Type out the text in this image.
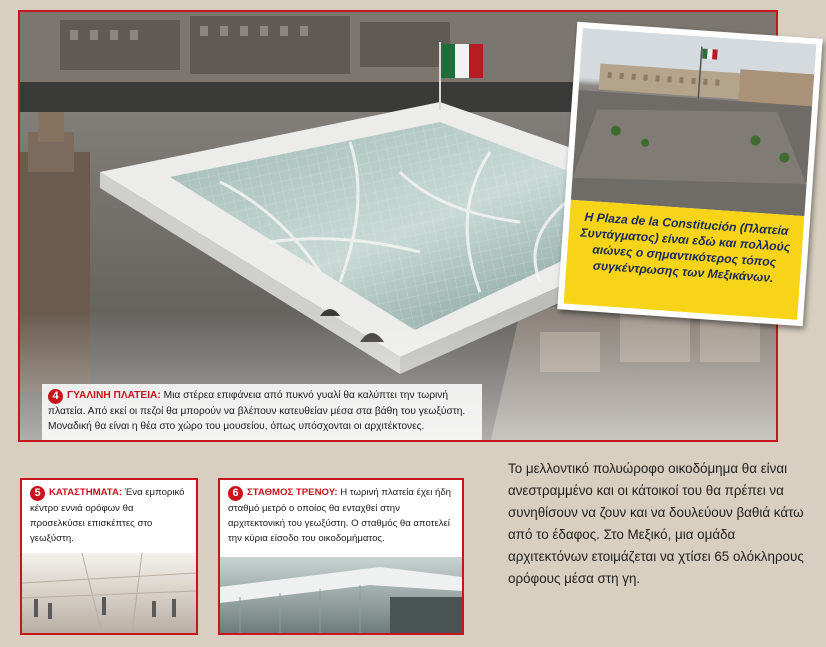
4 ΓΥΑΛΙΝΗ ΠΛΑΤΕΙΑ: Μια στέρεα επιφάνεια από πυκνό γυαλί θα καλύπτει την τωρινή πλατεία. Από εκεί οι πεζοί θα μπορούν να βλέπουν κατευθείαν μέσα στα βάθη του γεωξύστη. Μοναδική θα είναι η θέα στο χώρο του μουσείου, όπως υπόσχονται οι αρχιτέκτονες.
Η Plaza de la Constitución (Πλατεία Συντάγματος) είναι εδώ και πολλούς αιώνες ο σημαντικότερος τόπος συγκέντρωσης των Μεξικάνων.
5 ΚΑΤΑΣΤΗΜΑΤΑ: Ένα εμπορικό κέντρο εννιά ορόφων θα προσελκύσει επισκέπτες στο γεωξύστη.
6 ΣΤΑΘΜΟΣ ΤΡΕΝΟΥ: Η τωρινή πλατεία έχει ήδη σταθμό μετρό ο οποίος θα ενταχθεί στην αρχιτεκτονική του γεωξύστη. Ο σταθμός θα αποτελεί την κύρια είσοδο του οικοδομήματος.
Το μελλοντικό πολυώροφο οικοδόμημα θα είναι ανεστραμμένο και οι κάτοικοί του θα πρέπει να συνηθίσουν να ζουν και να δουλεύουν βαθιά κάτω από το έδαφος. Στο Μεξικό, μια ομάδα αρχιτεκτόνων ετοιμάζεται να χτίσει 65 ολόκληρους ορόφους μέσα στη γη.
